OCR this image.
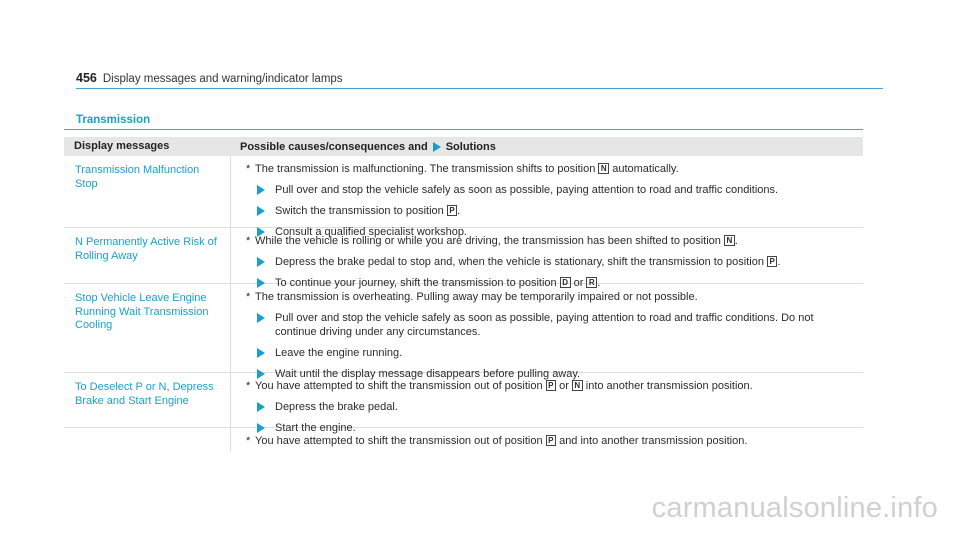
456 Display messages and warning/indicator lamps
Transmission
Display messages	Possible causes/consequences and Solutions
Transmission Malfunction Stop
* The transmission is malfunctioning. The transmission shifts to position N automatically.
Pull over and stop the vehicle safely as soon as possible, paying attention to road and traffic conditions.
Switch the transmission to position P .
Consult a qualified specialist workshop.
N Permanently Active Risk of Rolling Away
* While the vehicle is rolling or while you are driving, the transmission has been shifted to position N .
Depress the brake pedal to stop and, when the vehicle is stationary, shift the transmission to position P .
To continue your journey, shift the transmission to position D or R .
Stop Vehicle Leave Engine Running Wait Transmission Cooling
* The transmission is overheating. Pulling away may be temporarily impaired or not possible.
Pull over and stop the vehicle safely as soon as possible, paying attention to road and traffic conditions. Do not continue driving under any circumstances.
Leave the engine running.
Wait until the display message disappears before pulling away.
To Deselect P or N, Depress Brake and Start Engine
* You have attempted to shift the transmission out of position P or N into another transmission position.
Depress the brake pedal.
Start the engine.
* You have attempted to shift the transmission out of position P and into another transmission position.
carmanualsonline.info
